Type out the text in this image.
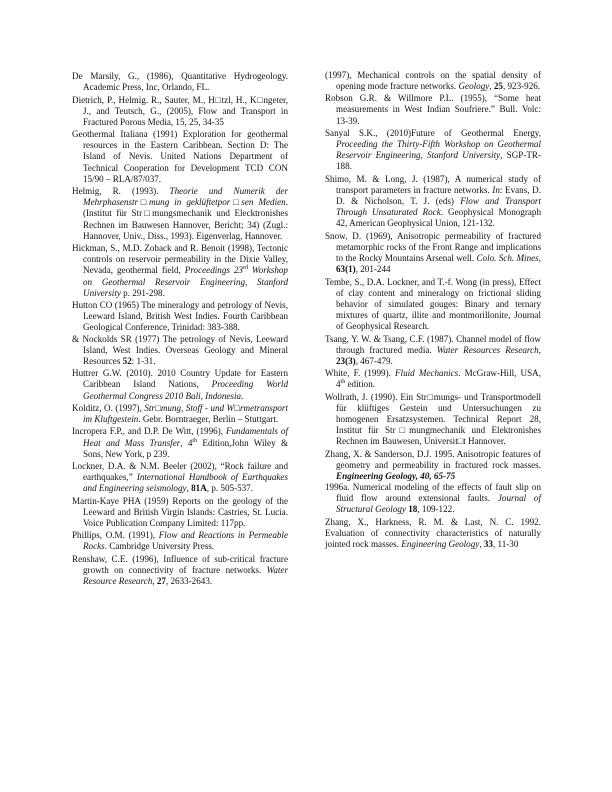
De Marsily, G., (1986), Quantitative Hydrogeology. Academic Press, Inc, Orlando, FL.

Dietrich, P., Helmig. R., Sauter, M., H□tzl, H., K□ngeter, J., and Teutsch, G., (2005), Flow and Transport in Fractured Porous Media, 15, 25, 34-35

Geothermal Italiana (1991) Exploration for geothermal resources in the Eastern Caribbean. Section D: The Island of Nevis. United Nations Department of Technical Cooperation for Development TCD CON 15/90 – RLA/87/037.

Helmig, R. (1993). Theorie und Numerik der Mehrphasenstr□mung in geklüftetpor□sen Medien. (Institut für Str□mungsmechanik und Elecktronishes Rechnen im Bauwesen Hannover, Bericht; 34) (Zugl.: Hannover, Univ., Diss., 1993). Eigenverlag, Hannover.

Hickman, S., M.D. Zoback and R. Benoit (1998), Tectonic controls on reservoir permeability in the Dixie Valley, Nevada, geothermal field, Proceedings 23rd Workshop on Geothermal Reservoir Engineering, Stanford University p. 291-298.

Hutton CO (1965) The mineralogy and petrology of Nevis, Leeward Island, British West Indies. Fourth Caribbean Geological Conference, Trinidad: 383-388.

& Nockolds SR (1977) The petrology of Nevis, Leeward Island, West Indies. Overseas Geology and Mineral Resources 52: 1-31.

Huttrer G.W. (2010). 2010 Country Update for Eastern Caribbean Island Nations, Proceeding World Geothermal Congress 2010 Bali, Indonesia.

Kolditz, O. (1997), Str□mung, Stoff - und W□rmetransport im Kluftgestein. Gebr. Borntraeger, Berlin – Stuttgart.

Incropera F.P., and D.P. De Witt, (1996), Fundamentals of Heat and Mass Transfer, 4th Edition,John Wiley & Sons, New York, p 239.

Lockner, D.A. & N.M. Beeler (2002), “Rock failure and earthquakes,” International Handbook of Earthquakes and Engineering seismology, 81A, p. 505-537.

Martin-Kaye PHA (1959) Reports on the geology of the Leeward and British Virgin Islands: Castries, St. Lucia. Voice Publication Company Limited: 117pp.

Phillips, O.M. (1991), Flow and Reactions in Permeable Rocks. Cambridge University Press.

Renshaw, C.E. (1996), Influence of sub-critical fracture growth on connectivity of fracture networks. Water Resource Research, 27, 2633-2643.

(1997), Mechanical controls on the spatial density of opening mode fracture networks. Geology, 25, 923-926.

Robson G.R. & Willmore P.L. (1955), “Some heat measurements in West Indian Soufriere.” Bull. Volc: 13-39.

Sanyal S.K., (2010)Future of Geothermal Energy, Proceeding the Thirty-Fifth Workshop on Geothermal Reservoir Engineering, Stanford University, SGP-TR-188.

Shimo, M. & Long, J. (1987), A numerical study of transport parameters in fracture networks. In: Evans, D. D. & Nicholson, T. J. (eds) Flow and Transport Through Unsaturated Rock. Geophysical Monograph 42, American Geophysical Union, 121-132.

Snow, D. (1969), Anisotropic permeability of fractured metamorphic rocks of the Front Range and implications to the Rocky Mountains Arsenal well. Colo. Sch. Mines, 63(1), 201-244

Tembe, S., D.A. Lockner, and T.-f. Wong (in press), Effect of clay content and mineralogy on frictional sliding behavior of simulated gouges: Binary and ternary mixtures of quartz, illite and montmorillonite, Journal of Geophysical Research.

Tsang, Y. W. & Tsang, C.F. (1987). Channel model of flow through fractured media. Water Resources Research, 23(3), 467-479.

White, F. (1999). Fluid Mechanics. McGraw-Hill, USA, 4th edition.

Wollrath, J. (1990). Ein Str□mungs- und Transportmodell für klüftiges Gestein und Untersuchungen zu homogenen Ersatzsystemen. Technical Report 28, Institut für Str□mungmechanik und Elektronishes Rechnen im Bauwesen, Universit□t Hannover.

Zhang, X. & Sanderson, D.J. 1995. Anisotropic features of geometry and permeability in fractured rock masses. Engineering Geology, 40, 65-75

1996a. Numerical modeling of the effects of fault slip on fluid flow around extensional faults. Journal of Structural Geology 18, 109-122.

Zhang, X., Harkness, R. M. & Last, N. C. 1992. Evaluation of connectivity characteristics of naturally jointed rock masses. Engineering Geology, 33, 11-30
